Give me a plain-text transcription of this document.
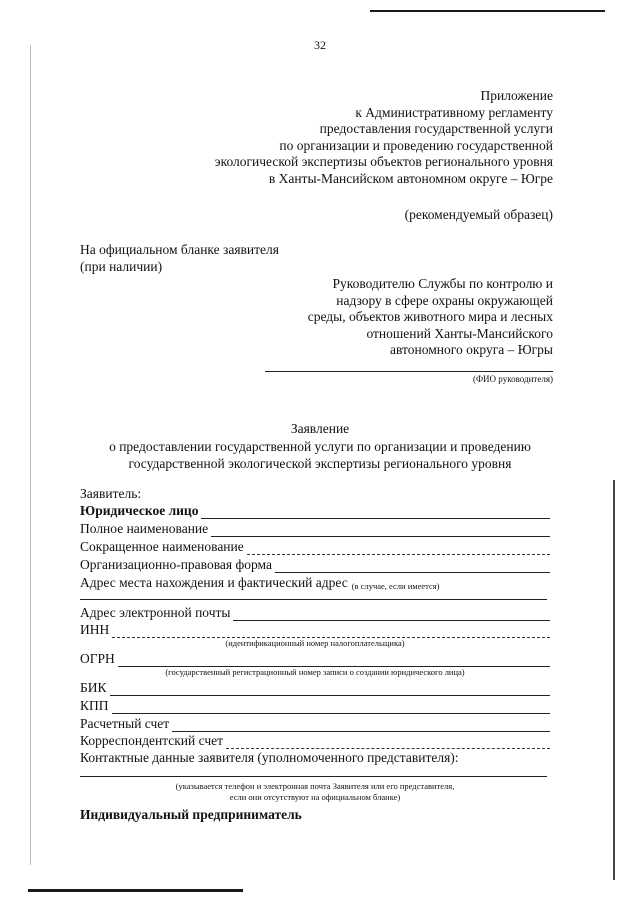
32
Приложение
к Административному регламенту
предоставления государственной услуги
по организации и проведению государственной
экологической экспертизы объектов регионального уровня
в Ханты-Мансийском автономном округе – Югре
(рекомендуемый образец)
На официальном бланке заявителя
(при наличии)
Руководителю Службы по контролю и
надзору в сфере охраны окружающей
среды, объектов животного мира и лесных
отношений Ханты-Мансийского
автономного округа – Югры
(ФИО руководителя)
Заявление
о предоставлении государственной услуги по организации и проведению
государственной экологической экспертизы регионального уровня
Заявитель:
Юридическое лицо
Полное наименование
Сокращенное наименование
Организационно-правовая форма
Адрес места нахождения и фактический адрес (в случае, если имеется)
Адрес электронной почты
ИНН
(идентификационный номер налогоплательщика)
ОГРН
(государственный регистрационный номер записи о создании юридического лица)
БИК
КПП
Расчетный счет
Корреспондентский счет
Контактные данные заявителя (уполномоченного представителя):
(указывается телефон и электронная почта Заявителя или его представителя,
если они отсутствуют на официальном бланке)
Индивидуальный предприниматель
